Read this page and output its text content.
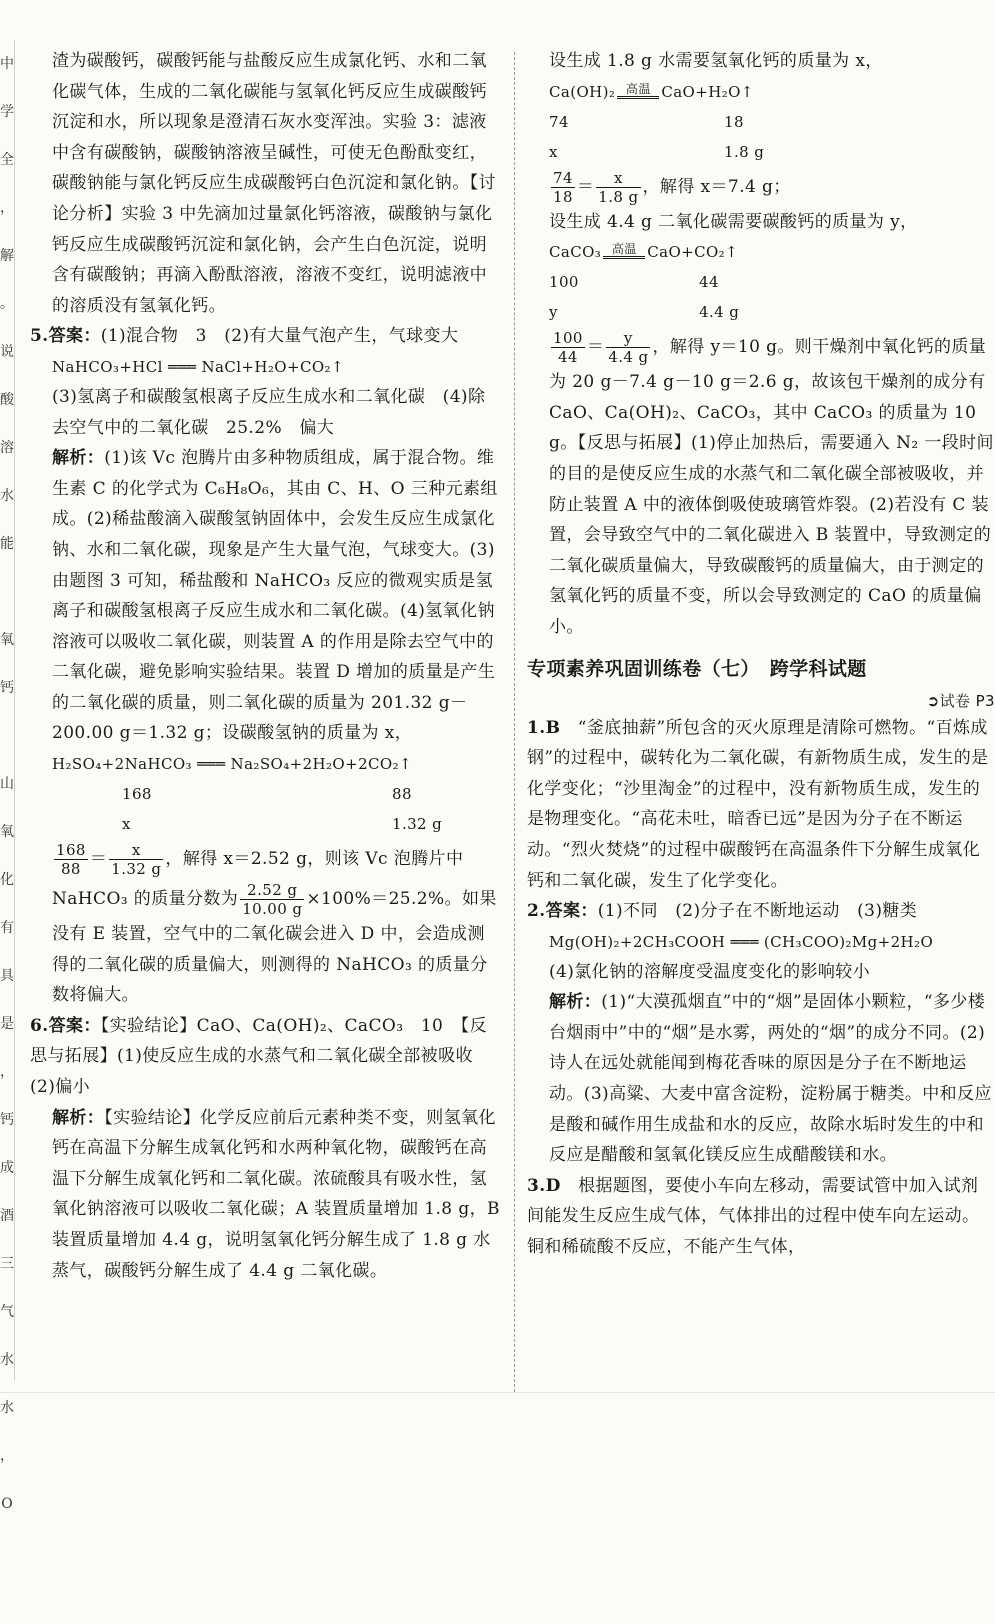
中
学
全
，
解
。
说
酸
溶
水
能

氧
钙

山
氧
化
有
具
是
，
钙
成
酒
三
气
水
水
，
O

渣为碳酸钙，碳酸钙能与盐酸反应生成氯化钙、水和二氧化碳气体，生成的二氧化碳能与氢氧化钙反应生成碳酸钙沉淀和水，所以现象是澄清石灰水变浑浊。实验 3：滤液中含有碳酸钠，碳酸钠溶液呈碱性，可使无色酚酞变红，碳酸钠能与氯化钙反应生成碳酸钙白色沉淀和氯化钠。【讨论分析】实验 3 中先滴加过量氯化钙溶液，碳酸钠与氯化钙反应生成碳酸钙沉淀和氯化钠，会产生白色沉淀，说明含有碳酸钠；再滴入酚酞溶液，溶液不变红，说明滤液中的溶质没有氢氧化钙。

5.答案：(1)混合物　3　(2)有大量气泡产生，气球变大

NaHCO₃+HCl ═══ NaCl+H₂O+CO₂↑

(3)氢离子和碳酸氢根离子反应生成水和二氧化碳　(4)除去空气中的二氧化碳　25.2%　偏大

解析：(1)该 Vc 泡腾片由多种物质组成，属于混合物。维生素 C 的化学式为 C₆H₈O₆，其由 C、H、O 三种元素组成。(2)稀盐酸滴入碳酸氢钠固体中，会发生反应生成氯化钠、水和二氧化碳，现象是产生大量气泡，气球变大。(3)由题图 3 可知，稀盐酸和 NaHCO₃ 反应的微观实质是氢离子和碳酸氢根离子反应生成水和二氧化碳。(4)氢氧化钠溶液可以吸收二氧化碳，则装置 A 的作用是除去空气中的二氧化碳，避免影响实验结果。装置 D 增加的质量是产生的二氧化碳的质量，则二氧化碳的质量为 201.32 g－200.00 g＝1.32 g；设碳酸氢钠的质量为 x，

H₂SO₄+2NaHCO₃ ═══ Na₂SO₄+2H₂O+2CO₂↑
168	88
x	1.32 g
$\frac{168}{88} = \frac{x}{1.32 g}$ ，解得 x＝2.52 g，则该 Vc 泡腾片中
NaHCO₃ 的质量分数为 $\frac{2.52 g}{10.00 g} \times 100\%=25.2\%$。如果

没有 E 装置，空气中的二氧化碳会进入 D 中，会造成测得的二氧化碳的质量偏大，则测得的 NaHCO₃ 的质量分数将偏大。

6.答案：【实验结论】CaO、Ca(OH)₂、CaCO₃　10　【反思与拓展】(1)使反应生成的水蒸气和二氧化碳全部被吸收　(2)偏小

解析：【实验结论】化学反应前后元素种类不变，则氢氧化钙在高温下分解生成氧化钙和水两种氧化物，碳酸钙在高温下分解生成氧化钙和二氧化碳。浓硫酸具有吸水性，氢氧化钠溶液可以吸收二氧化碳；A 装置质量增加 1.8 g，B 装置质量增加 4.4 g，说明氢氧化钙分解生成了 1.8 g 水蒸气，碳酸钙分解生成了 4.4 g 二氧化碳。

设生成 1.8 g 水需要氢氧化钙的质量为 x，

Ca(OH)₂ 高温 CaO+H₂O↑
74	18
x	1.8 g
$\frac{74}{18} = \frac{x}{1.8 g}$ ，解得 x＝7.4 g；

设生成 4.4 g 二氧化碳需要碳酸钙的质量为 y，

CaCO₃ 高温 CaO+CO₂↑
100	44
y	4.4 g
$\frac{100}{44} = \frac{y}{4.4 g}$ ，解得 y＝10 g。则干燥剂中氧化钙的质量

为 20 g－7.4 g－10 g＝2.6 g，故该包干燥剂的成分有 CaO、Ca(OH)₂、CaCO₃，其中 CaCO₃ 的质量为 10 g。【反思与拓展】(1)停止加热后，需要通入 N₂ 一段时间的目的是使反应生成的水蒸气和二氧化碳全部被吸收，并防止装置 A 中的液体倒吸使玻璃管炸裂。(2)若没有 C 装置，会导致空气中的二氧化碳进入 B 装置中，导致测定的二氧化碳质量偏大，导致碳酸钙的质量偏大，由于测定的氢氧化钙的质量不变，所以会导致测定的 CaO 的质量偏小。

专项素养巩固训练卷（七）　跨学科试题
➲试卷 P3

1.B　 “釜底抽薪”所包含的灭火原理是清除可燃物。“百炼成钢”的过程中，碳转化为二氧化碳，有新物质生成，发生的是化学变化；“沙里淘金”的过程中，没有新物质生成，发生的是物理变化。“高花未吐，暗香已远”是因为分子在不断运动。“烈火焚烧”的过程中碳酸钙在高温条件下分解生成氧化钙和二氧化碳，发生了化学变化。

2.答案：(1)不同　(2)分子在不断地运动　(3)糖类

Mg(OH)₂+2CH₃COOH ═══ (CH₃COO)₂Mg+2H₂O

(4)氯化钠的溶解度受温度变化的影响较小

解析：(1)“大漠孤烟直”中的“烟”是固体小颗粒，“多少楼台烟雨中”中的“烟”是水雾，两处的“烟”的成分不同。(2)诗人在远处就能闻到梅花香味的原因是分子在不断地运动。(3)高粱、大麦中富含淀粉，淀粉属于糖类。中和反应是酸和碱作用生成盐和水的反应，故除水垢时发生的中和反应是醋酸和氢氧化镁反应生成醋酸镁和水。

3.D　 根据题图，要使小车向左移动，需要试管中加入试剂间能发生反应生成气体，气体排出的过程中使车向左运动。铜和稀硫酸不反应，不能产生气体，
